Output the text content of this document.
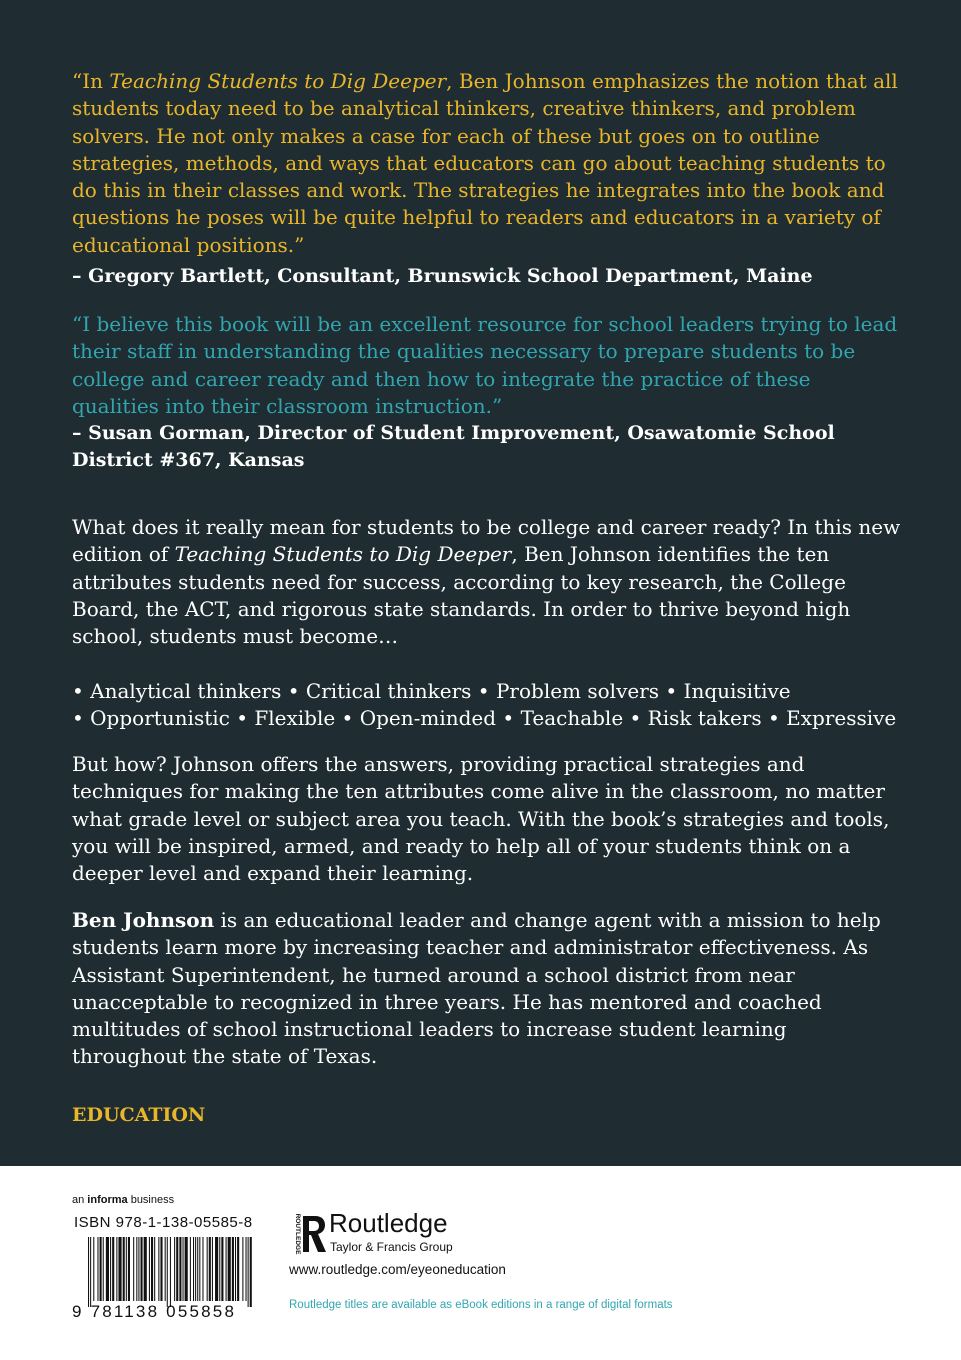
“In Teaching Students to Dig Deeper, Ben Johnson emphasizes the notion that all students today need to be analytical thinkers, creative thinkers, and problem solvers. He not only makes a case for each of these but goes on to outline strategies, methods, and ways that educators can go about teaching students to do this in their classes and work. The strategies he integrates into the book and questions he poses will be quite helpful to readers and educators in a variety of educational positions.”
– Gregory Bartlett, Consultant, Brunswick School Department, Maine
“I believe this book will be an excellent resource for school leaders trying to lead their staff in understanding the qualities necessary to prepare students to be college and career ready and then how to integrate the practice of these qualities into their classroom instruction.”
– Susan Gorman, Director of Student Improvement, Osawatomie School District #367, Kansas

What does it really mean for students to be college and career ready? In this new edition of Teaching Students to Dig Deeper, Ben Johnson identifies the ten attributes students need for success, according to key research, the College Board, the ACT, and rigorous state standards. In order to thrive beyond high school, students must become…

• Analytical thinkers • Critical thinkers • Problem solvers • Inquisitive
• Opportunistic • Flexible • Open-minded • Teachable • Risk takers • Expressive

But how? Johnson offers the answers, providing practical strategies and techniques for making the ten attributes come alive in the classroom, no matter what grade level or subject area you teach. With the book’s strategies and tools, you will be inspired, armed, and ready to help all of your students think on a deeper level and expand their learning.

Ben Johnson is an educational leader and change agent with a mission to help students learn more by increasing teacher and administrator effectiveness. As Assistant Superintendent, he turned around a school district from near unacceptable to recognized in three years. He has mentored and coached multitudes of school instructional leaders to increase student learning throughout the state of Texas.

EDUCATION
an informa business
ISBN 978-1-138-05585-8
9 781138 055858
ROUTLEDGE Routledge
Taylor & Francis Group
www.routledge.com/eyeoneducation
Routledge titles are available as eBook editions in a range of digital formats
